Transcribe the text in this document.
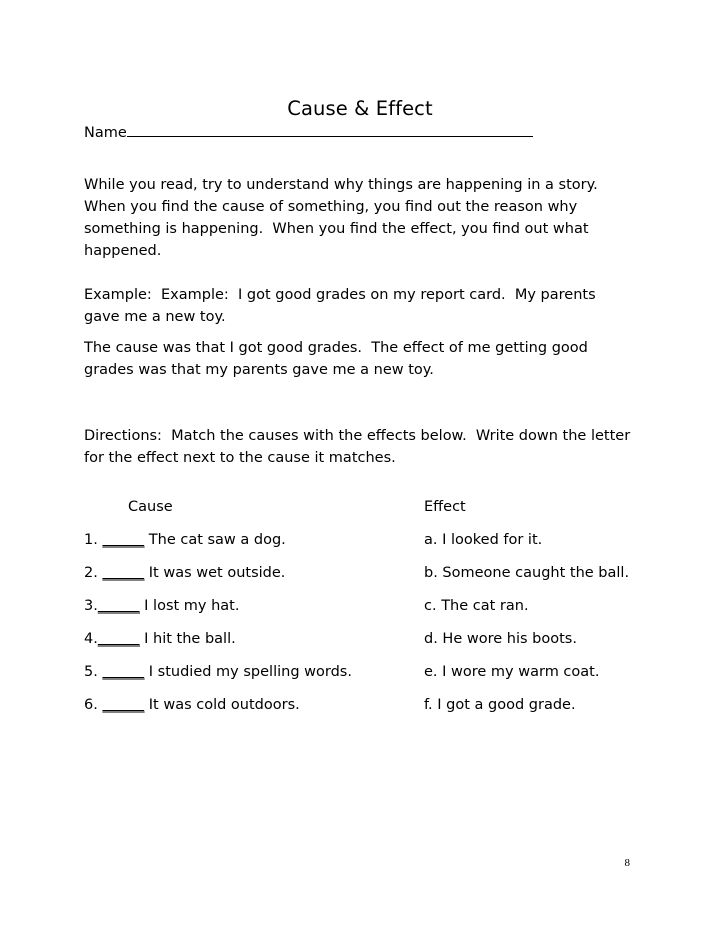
Cause & Effect
Name

While you read, try to understand why things are happening in a story.  When you find the cause of something, you find out the reason why something is happening.  When you find the effect, you find out what happened.

Example:  Example:  I got good grades on my report card.  My parents gave me a new toy.

The cause was that I got good grades.  The effect of me getting good grades was that my parents gave me a new toy.

Directions:  Match the causes with the effects below.  Write down the letter for the effect next to the cause it matches.

Cause	Effect
1. ______ The cat saw a dog.	a. I looked for it.
2. ______ It was wet outside.	b. Someone caught the ball.
3.______ I lost my hat.	c. The cat ran.
4.______ I hit the ball.	d. He wore his boots.
5. ______ I studied my spelling words.	e. I wore my warm coat.
6. ______ It was cold outdoors.	f. I got a good grade.
8
